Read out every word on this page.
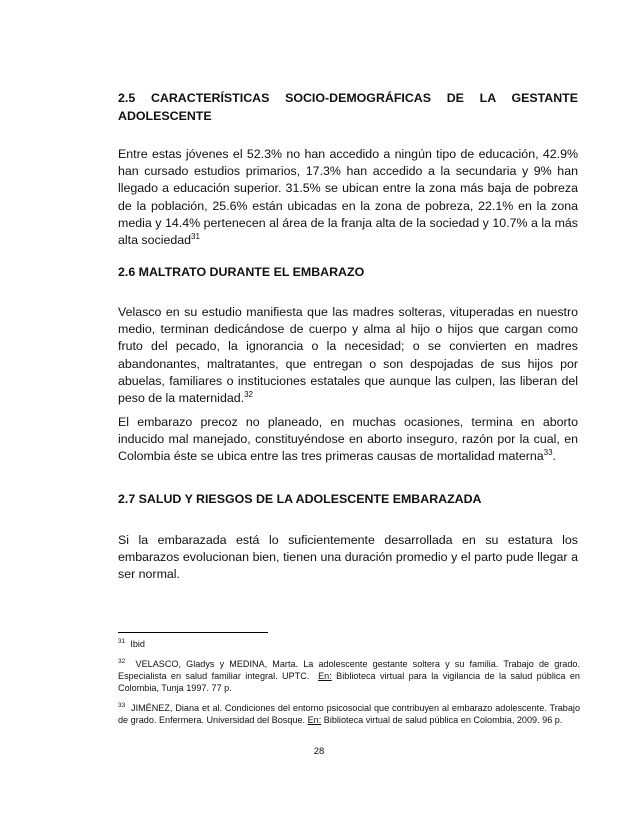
2.5 CARACTERÍSTICAS SOCIO-DEMOGRÁFICAS DE LA GESTANTE
ADOLESCENTE

Entre estas jóvenes el 52.3% no han accedido a ningún tipo de educación, 42.9% han cursado estudios primarios, 17.3% han accedido a la secundaria y 9% han llegado a educación superior. 31.5% se ubican entre la zona más baja de pobreza de la población, 25.6% están ubicadas en la zona de pobreza, 22.1% en la zona media y 14.4% pertenecen al área de la franja alta de la sociedad y 10.7% a la más alta sociedad$^{31}$

2.6 MALTRATO DURANTE EL EMBARAZO

Velasco en su estudio manifiesta que las madres solteras, vituperadas en nuestro medio, terminan dedicándose de cuerpo y alma al hijo o hijos que cargan como fruto del pecado, la ignorancia o la necesidad; o se convierten en madres abandonantes, maltratantes, que entregan o son despojadas de sus hijos por abuelas, familiares o instituciones estatales que aunque las culpen, las liberan del peso de la maternidad.$^{32}$

El embarazo precoz no planeado, en muchas ocasiones, termina en aborto inducido mal manejado, constituyéndose en aborto inseguro, razón por la cual, en Colombia éste se ubica entre las tres primeras causas de mortalidad materna$^{33}$.

2.7 SALUD Y RIESGOS DE LA ADOLESCENTE EMBARAZADA

Si la embarazada está lo suficientemente desarrollada en su estatura los embarazos evolucionan bien, tienen una duración promedio y el parto pude llegar a ser normal.

$^{31}$ Ibid
$^{32}$ VELASCO, Gladys y MEDINA, Marta. La adolescente gestante soltera y su familia. Trabajo de grado. Especialista en salud familiar integral. UPTC. En: Biblioteca virtual para la vigilancia de la salud pública en Colombia, Tunja 1997. 77 p.
$^{33}$ JIMÉNEZ, Diana et al. Condiciones del entorno psicosocial que contribuyen al embarazo adolescente. Trabajo de grado. Enfermera. Universidad del Bosque. En: Biblioteca virtual de salud pública en Colombia, 2009. 96 p.
28
